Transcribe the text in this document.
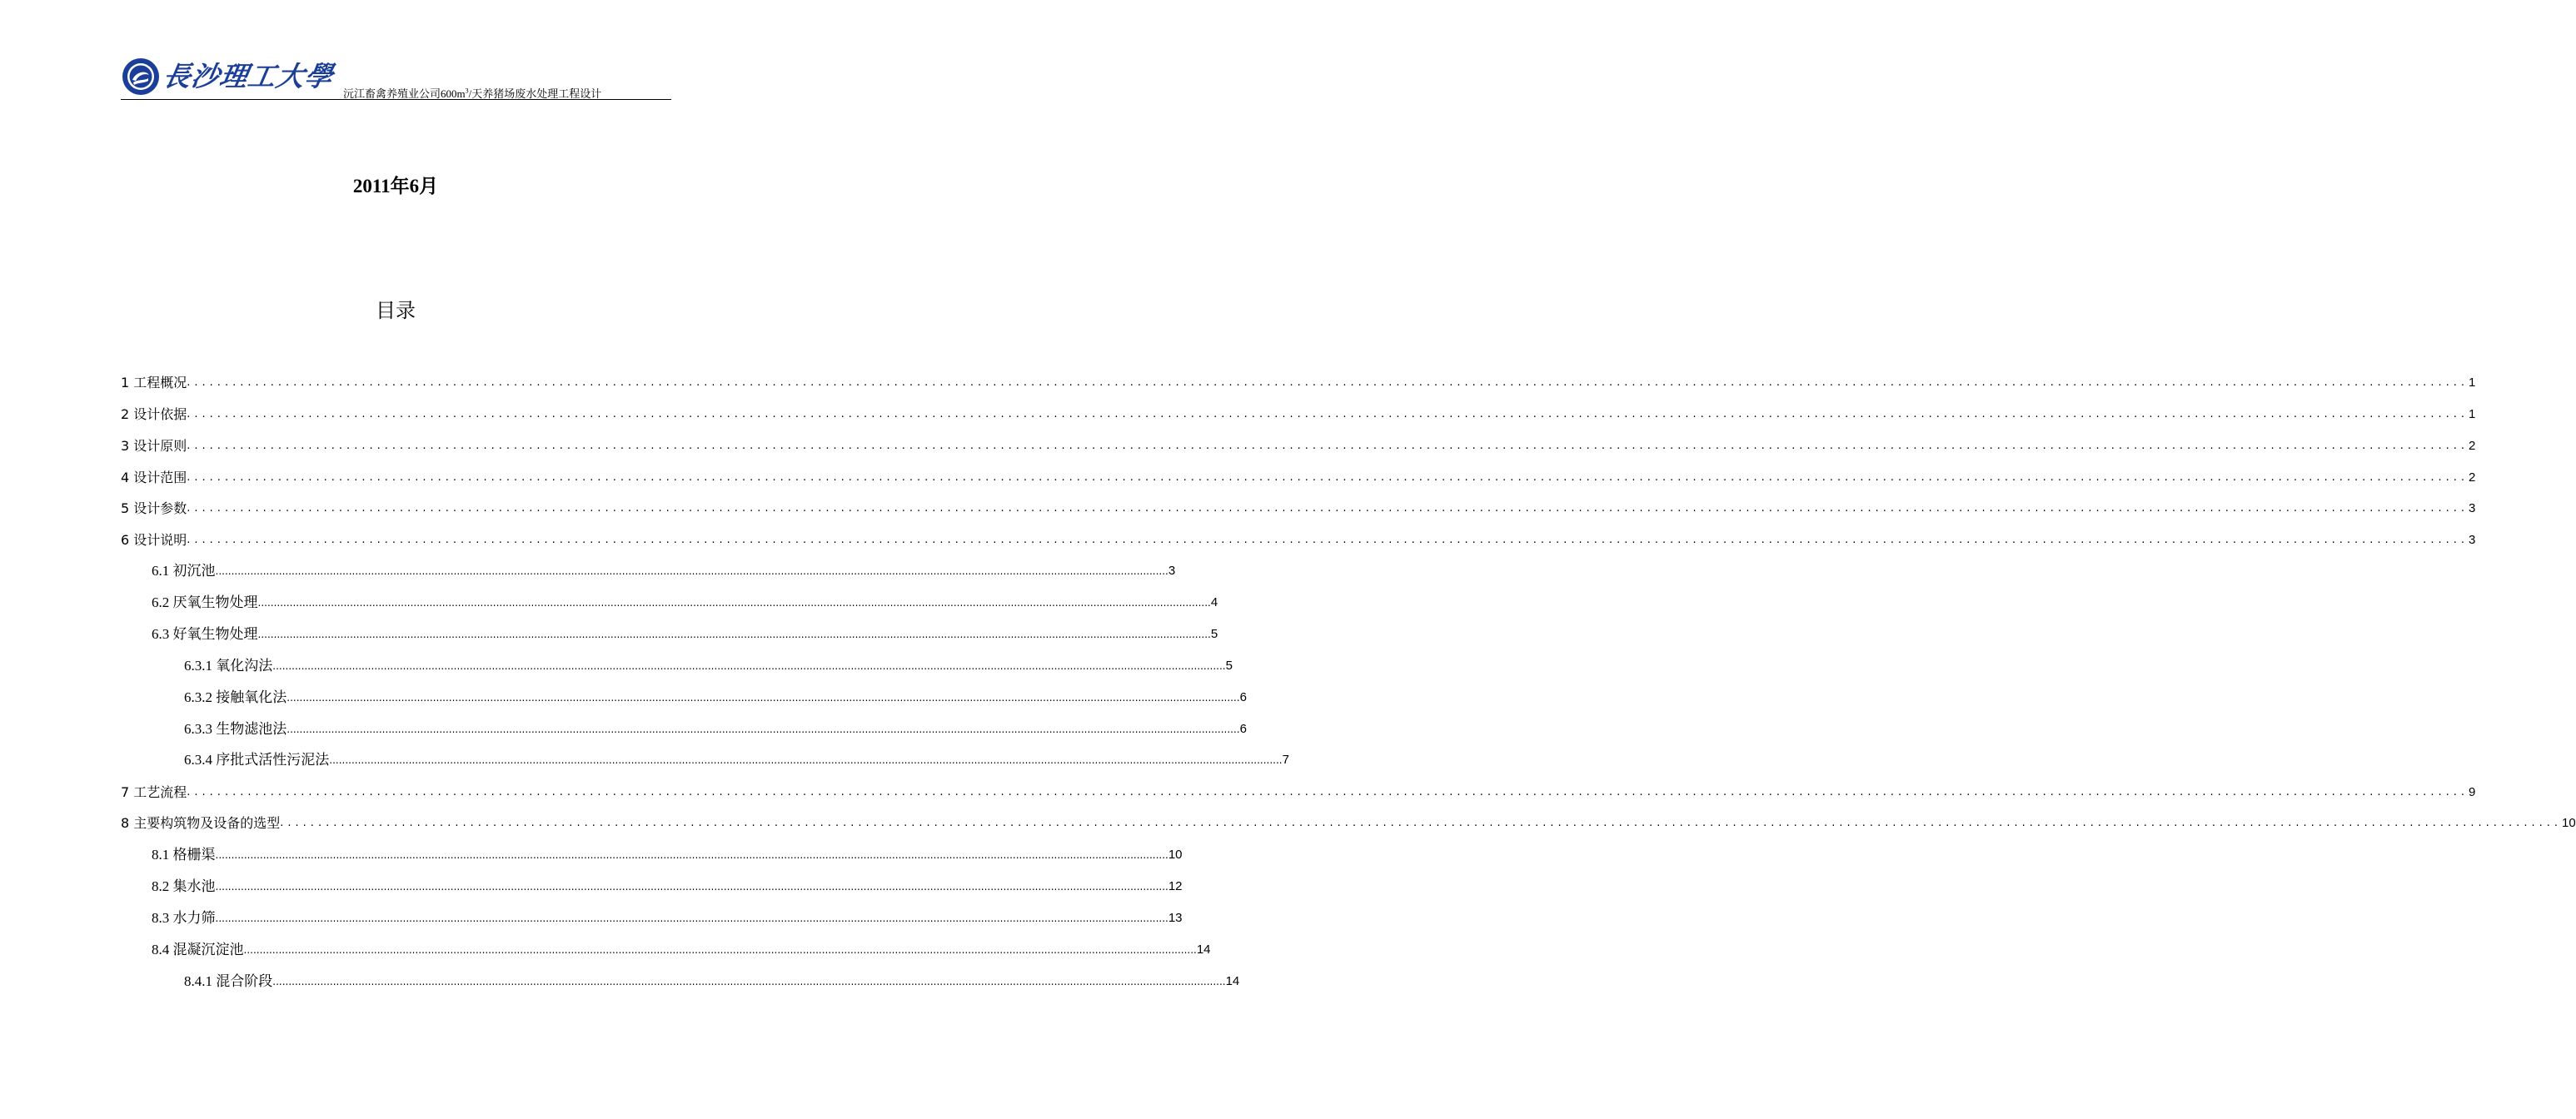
長沙理工大學
沅江畜禽养殖业公司$600m^3/$天养猪场废水处理工程设计
2011年6月
目录
1 工程概况 ............................................................................................................................................................................................................................................................................................................ 1
2 设计依据 ............................................................................................................................................................................................................................................................................................................ 1
3 设计原则 ............................................................................................................................................................................................................................................................................................................ 2
4 设计范围 ............................................................................................................................................................................................................................................................................................................ 2
5 设计参数 ............................................................................................................................................................................................................................................................................................................ 3
6 设计说明 ............................................................................................................................................................................................................................................................................................................ 3
6.1 初沉池 ............................................................................................................................................................................................................................................................................................................ 3
6.2 厌氧生物处理 ............................................................................................................................................................................................................................................................................................................ 4
6.3 好氧生物处理 ............................................................................................................................................................................................................................................................................................................ 5
6.3.1 氧化沟法 ............................................................................................................................................................................................................................................................................................................ 5
6.3.2 接触氧化法 ............................................................................................................................................................................................................................................................................................................ 6
6.3.3 生物滤池法 ............................................................................................................................................................................................................................................................................................................ 6
6.3.4 序批式活性污泥法 ............................................................................................................................................................................................................................................................................................................ 7
7 工艺流程 ............................................................................................................................................................................................................................................................................................................ 9
8 主要构筑物及设备的选型 ............................................................................................................................................................................................................................................................................................................ 10
8.1 格栅渠 ............................................................................................................................................................................................................................................................................................................ 10
8.2 集水池 ............................................................................................................................................................................................................................................................................................................ 12
8.3 水力筛 ............................................................................................................................................................................................................................................................................................................ 13
8.4 混凝沉淀池 ............................................................................................................................................................................................................................................................................................................ 14
8.4.1 混合阶段 ............................................................................................................................................................................................................................................................................................................ 14
